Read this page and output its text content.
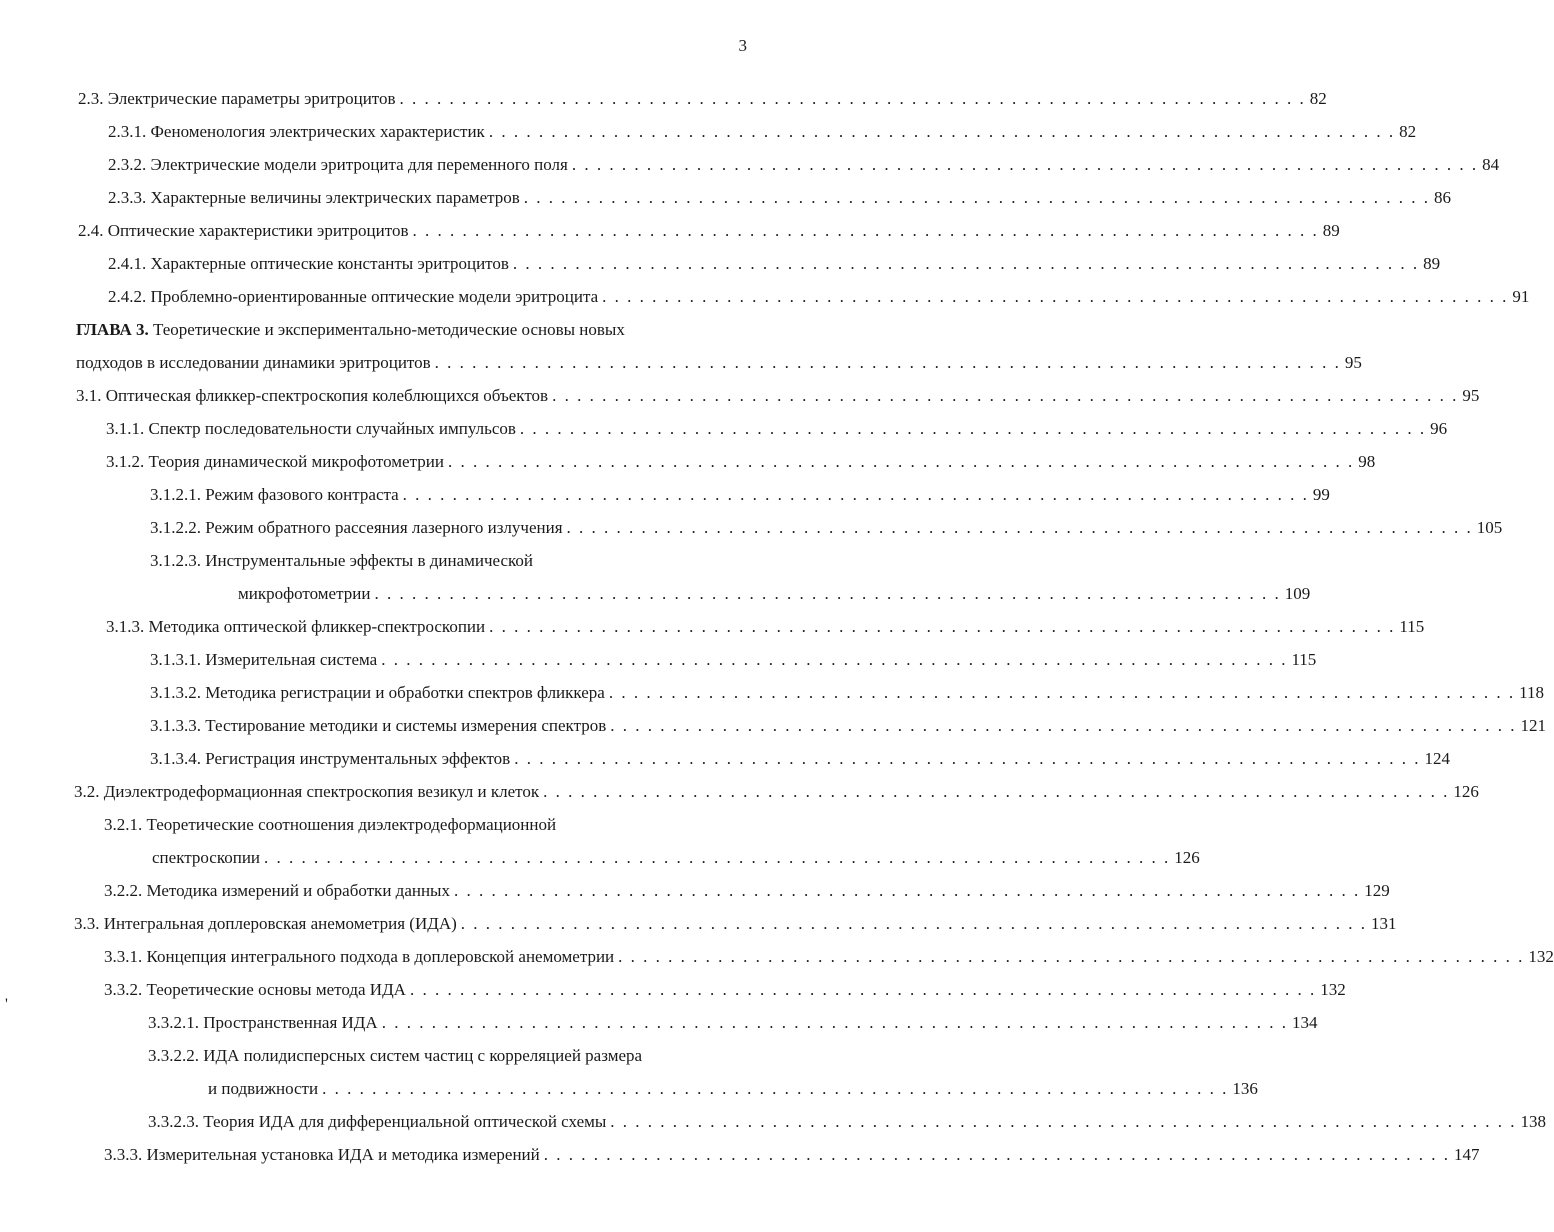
3
'
2.3. Электрические параметры эритроцитов . . .	82
2.3.1. Феноменология электрических характеристик . . .	82
2.3.2. Электрические модели эритроцита для переменного поля . . .	84
2.3.3. Характерные величины электрических параметров . . .	86
2.4. Оптические характеристики эритроцитов . . .	89
2.4.1. Характерные оптические константы эритроцитов . . .	89
2.4.2. Проблемно-ориентированные оптические модели эритроцита . . .	91
ГЛАВА 3. Теоретические и экспериментально-методические основы новых
подходов в исследовании динамики эритроцитов . . .	95
3.1. Оптическая фликкер-спектроскопия колеблющихся объектов . . .	95
3.1.1. Спектр последовательности случайных импульсов . . .	96
3.1.2. Теория динамической микрофотометрии . . .	98
3.1.2.1. Режим фазового контраста . . .	99
3.1.2.2. Режим обратного рассеяния лазерного излучения . . .	105
3.1.2.3. Инструментальные эффекты в динамической
микрофотометрии . . .	109
3.1.3. Методика оптической фликкер-спектроскопии . . .	115
3.1.3.1. Измерительная система . . .	115
3.1.3.2. Методика регистрации и обработки спектров фликкера . . .	118
3.1.3.3. Тестирование методики и системы измерения спектров . . .	121
3.1.3.4. Регистрация инструментальных эффектов . . .	124
3.2. Диэлектродеформационная спектроскопия везикул и клеток . . .	126
3.2.1. Теоретические соотношения диэлектродеформационной
спектроскопии . . .	126
3.2.2. Методика измерений и обработки данных . . .	129
3.3. Интегральная доплеровская анемометрия (ИДА) . . .	131
3.3.1. Концепция интегрального подхода в доплеровской анемометрии . . .	132
3.3.2. Теоретические основы метода ИДА . . .	132
3.3.2.1. Пространственная ИДА . . .	134
3.3.2.2. ИДА полидисперсных систем частиц с корреляцией размера
и подвижности . . .	136
3.3.2.3. Теория ИДА для дифференциальной оптической схемы . . .	138
3.3.3. Измерительная установка ИДА и методика измерений . . .	147
